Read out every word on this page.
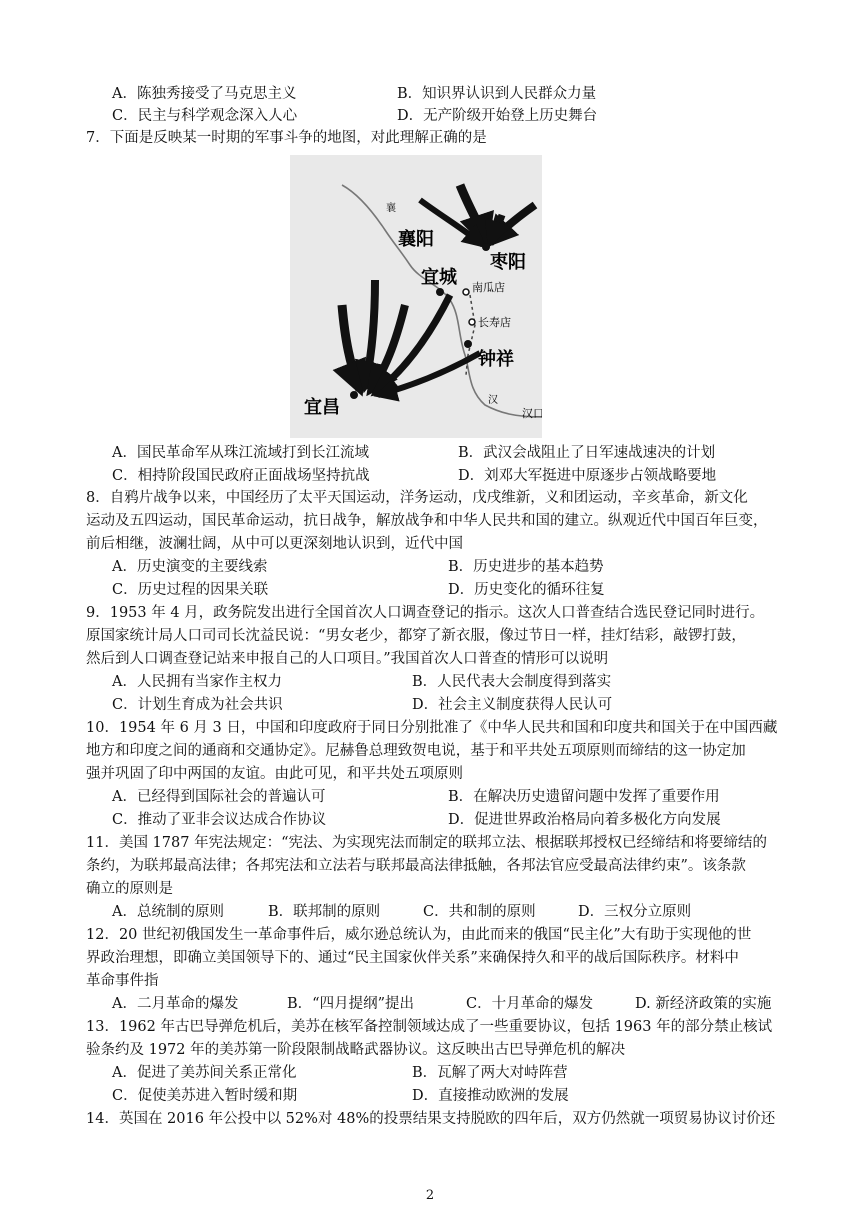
A．陈独秀接受了马克思主义	B．知识界认识到人民群众力量
C．民主与科学观念深入人心	D．无产阶级开始登上历史舞台
7．下面是反映某一时期的军事斗争的地图，对此理解正确的是
襄
襄阳
枣阳
宜城 南瓜店
长寿店
钟祥
宜昌	汉
汉口
A．国民革命军从珠江流域打到长江流域	B．武汉会战阻止了日军速战速决的计划
C．相持阶段国民政府正面战场坚持抗战	D．刘邓大军挺进中原逐步占领战略要地
8．自鸦片战争以来，中国经历了太平天国运动，洋务运动，戊戌维新，义和团运动，辛亥革命，新文化
运动及五四运动，国民革命运动，抗日战争，解放战争和中华人民共和国的建立。纵观近代中国百年巨变，
前后相继，波澜壮阔，从中可以更深刻地认识到，近代中国
A．历史演变的主要线索	B．历史进步的基本趋势
C．历史过程的因果关联	D．历史变化的循环往复
9．1953 年 4 月，政务院发出进行全国首次人口调查登记的指示。这次人口普查结合选民登记同时进行。
原国家统计局人口司司长沈益民说：“男女老少，都穿了新衣服，像过节日一样，挂灯结彩，敲锣打鼓，
然后到人口调查登记站来申报自己的人口项目。”我国首次人口普查的情形可以说明
A．人民拥有当家作主权力	B．人民代表大会制度得到落实
C．计划生育成为社会共识	D．社会主义制度获得人民认可
10．1954 年 6 月 3 日，中国和印度政府于同日分别批准了《中华人民共和国和印度共和国关于在中国西藏
地方和印度之间的通商和交通协定》。尼赫鲁总理致贺电说，基于和平共处五项原则而缔结的这一协定加
强并巩固了印中两国的友谊。由此可见，和平共处五项原则
A．已经得到国际社会的普遍认可	B．在解决历史遗留问题中发挥了重要作用
C．推动了亚非会议达成合作协议	D．促进世界政治格局向着多极化方向发展
11．美国 1787 年宪法规定：“宪法、为实现宪法而制定的联邦立法、根据联邦授权已经缔结和将要缔结的
条约，为联邦最高法律；各邦宪法和立法若与联邦最高法律抵触，各邦法官应受最高法律约束”。该条款
确立的原则是
A．总统制的原则	B．联邦制的原则	C．共和制的原则	D．三权分立原则
12．20 世纪初俄国发生一革命事件后，威尔逊总统认为，由此而来的俄国“民主化”大有助于实现他的世
界政治理想，即确立美国领导下的、通过“民主国家伙伴关系”来确保持久和平的战后国际秩序。材料中
革命事件指
A．二月革命的爆发	B．“四月提纲”提出	C．十月革命的爆发	D. 新经济政策的实施
13．1962 年古巴导弹危机后，美苏在核军备控制领域达成了一些重要协议，包括 1963 年的部分禁止核试
验条约及 1972 年的美苏第一阶段限制战略武器协议。这反映出古巴导弹危机的解决
A．促进了美苏间关系正常化	B．瓦解了两大对峙阵营
C．促使美苏进入暂时缓和期	D．直接推动欧洲的发展
14．英国在 2016 年公投中以 52%对 48%的投票结果支持脱欧的四年后，双方仍然就一项贸易协议讨价还
2
